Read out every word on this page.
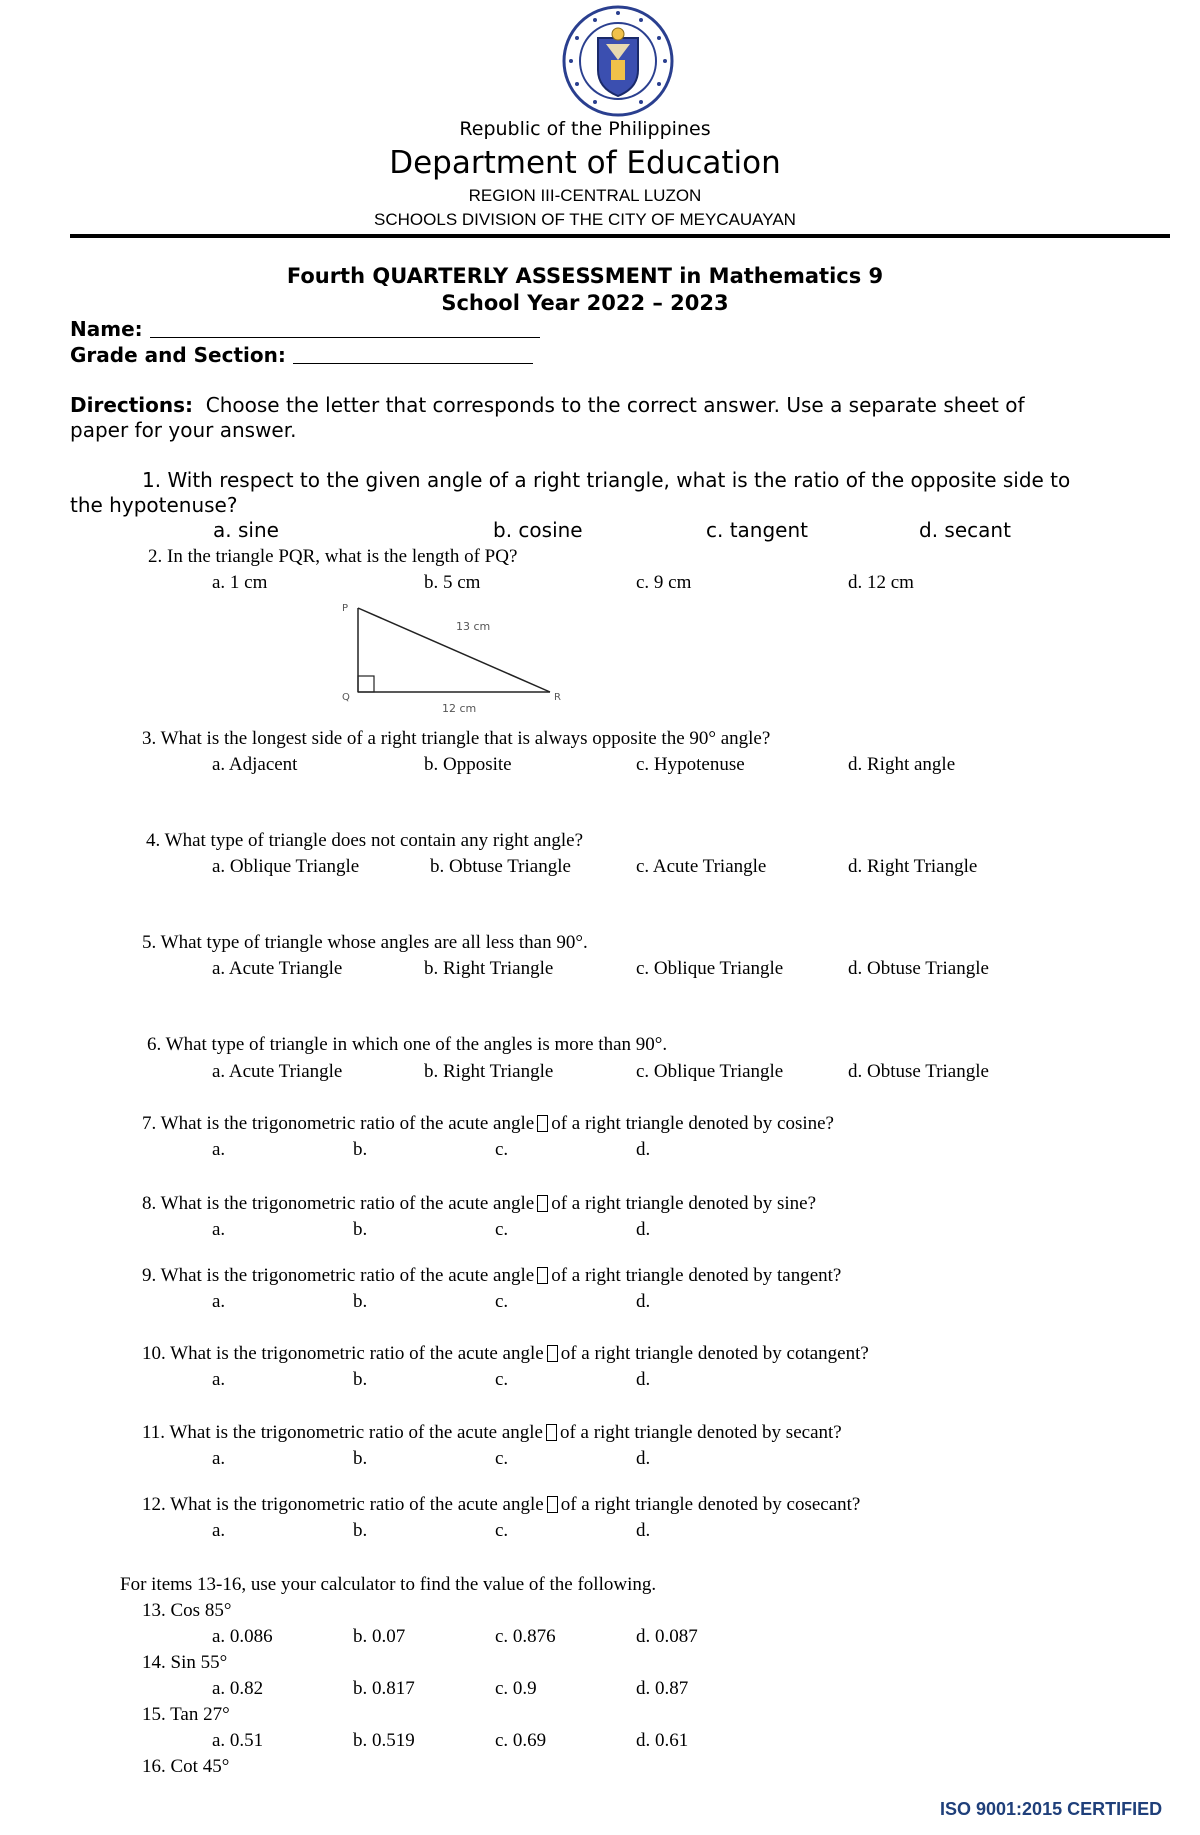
Republic of the Philippines
Department of Education
REGION III-CENTRAL LUZON
SCHOOLS DIVISION OF THE CITY OF MEYCAUAYAN
Fourth QUARTERLY ASSESSMENT in Mathematics 9
School Year 2022 – 2023
Name:
Grade and Section:
Directions: Choose the letter that corresponds to the correct answer. Use a separate sheet of
paper for your answer.
1. With respect to the given angle of a right triangle, what is the ratio of the opposite side to
the hypotenuse?
a. sine	b. cosine	c. tangent	d. secant
2. In the triangle PQR, what is the length of PQ?
a. 1 cm	b. 5 cm	c. 9 cm	d. 12 cm
P
Q	R
13 cm
12 cm
3. What is the longest side of a right triangle that is always opposite the 90° angle?
a. Adjacent	b. Opposite	c. Hypotenuse	d. Right angle
4. What type of triangle does not contain any right angle?
a. Oblique Triangle	b. Obtuse Triangle	c. Acute Triangle	d. Right Triangle
5. What type of triangle whose angles are all less than 90°.
a. Acute Triangle	b. Right Triangle	c. Oblique Triangle	d. Obtuse Triangle
6. What type of triangle in which one of the angles is more than 90°.
a. Acute Triangle	b. Right Triangle	c. Oblique Triangle	d. Obtuse Triangle
7. What is the trigonometric ratio of the acute angle of a right triangle denoted by cosine?
a.	b.	c.	d.
8. What is the trigonometric ratio of the acute angle of a right triangle denoted by sine?
a.	b.	c.	d.
9. What is the trigonometric ratio of the acute angle of a right triangle denoted by tangent?
a.	b.	c.	d.
10. What is the trigonometric ratio of the acute angle of a right triangle denoted by cotangent?
a.	b.	c.	d.
11. What is the trigonometric ratio of the acute angle of a right triangle denoted by secant?
a.	b.	c.	d.
12. What is the trigonometric ratio of the acute angle of a right triangle denoted by cosecant?
a.	b.	c.	d.
For items 13-16, use your calculator to find the value of the following.
13. Cos 85°
a. 0.086	b. 0.07	c. 0.876	d. 0.087
14. Sin 55°
a. 0.82	b. 0.817	c. 0.9	d. 0.87
15. Tan 27°
a. 0.51	b. 0.519	c. 0.69	d. 0.61
16. Cot 45°
ISO 9001:2015 CERTIFIED
